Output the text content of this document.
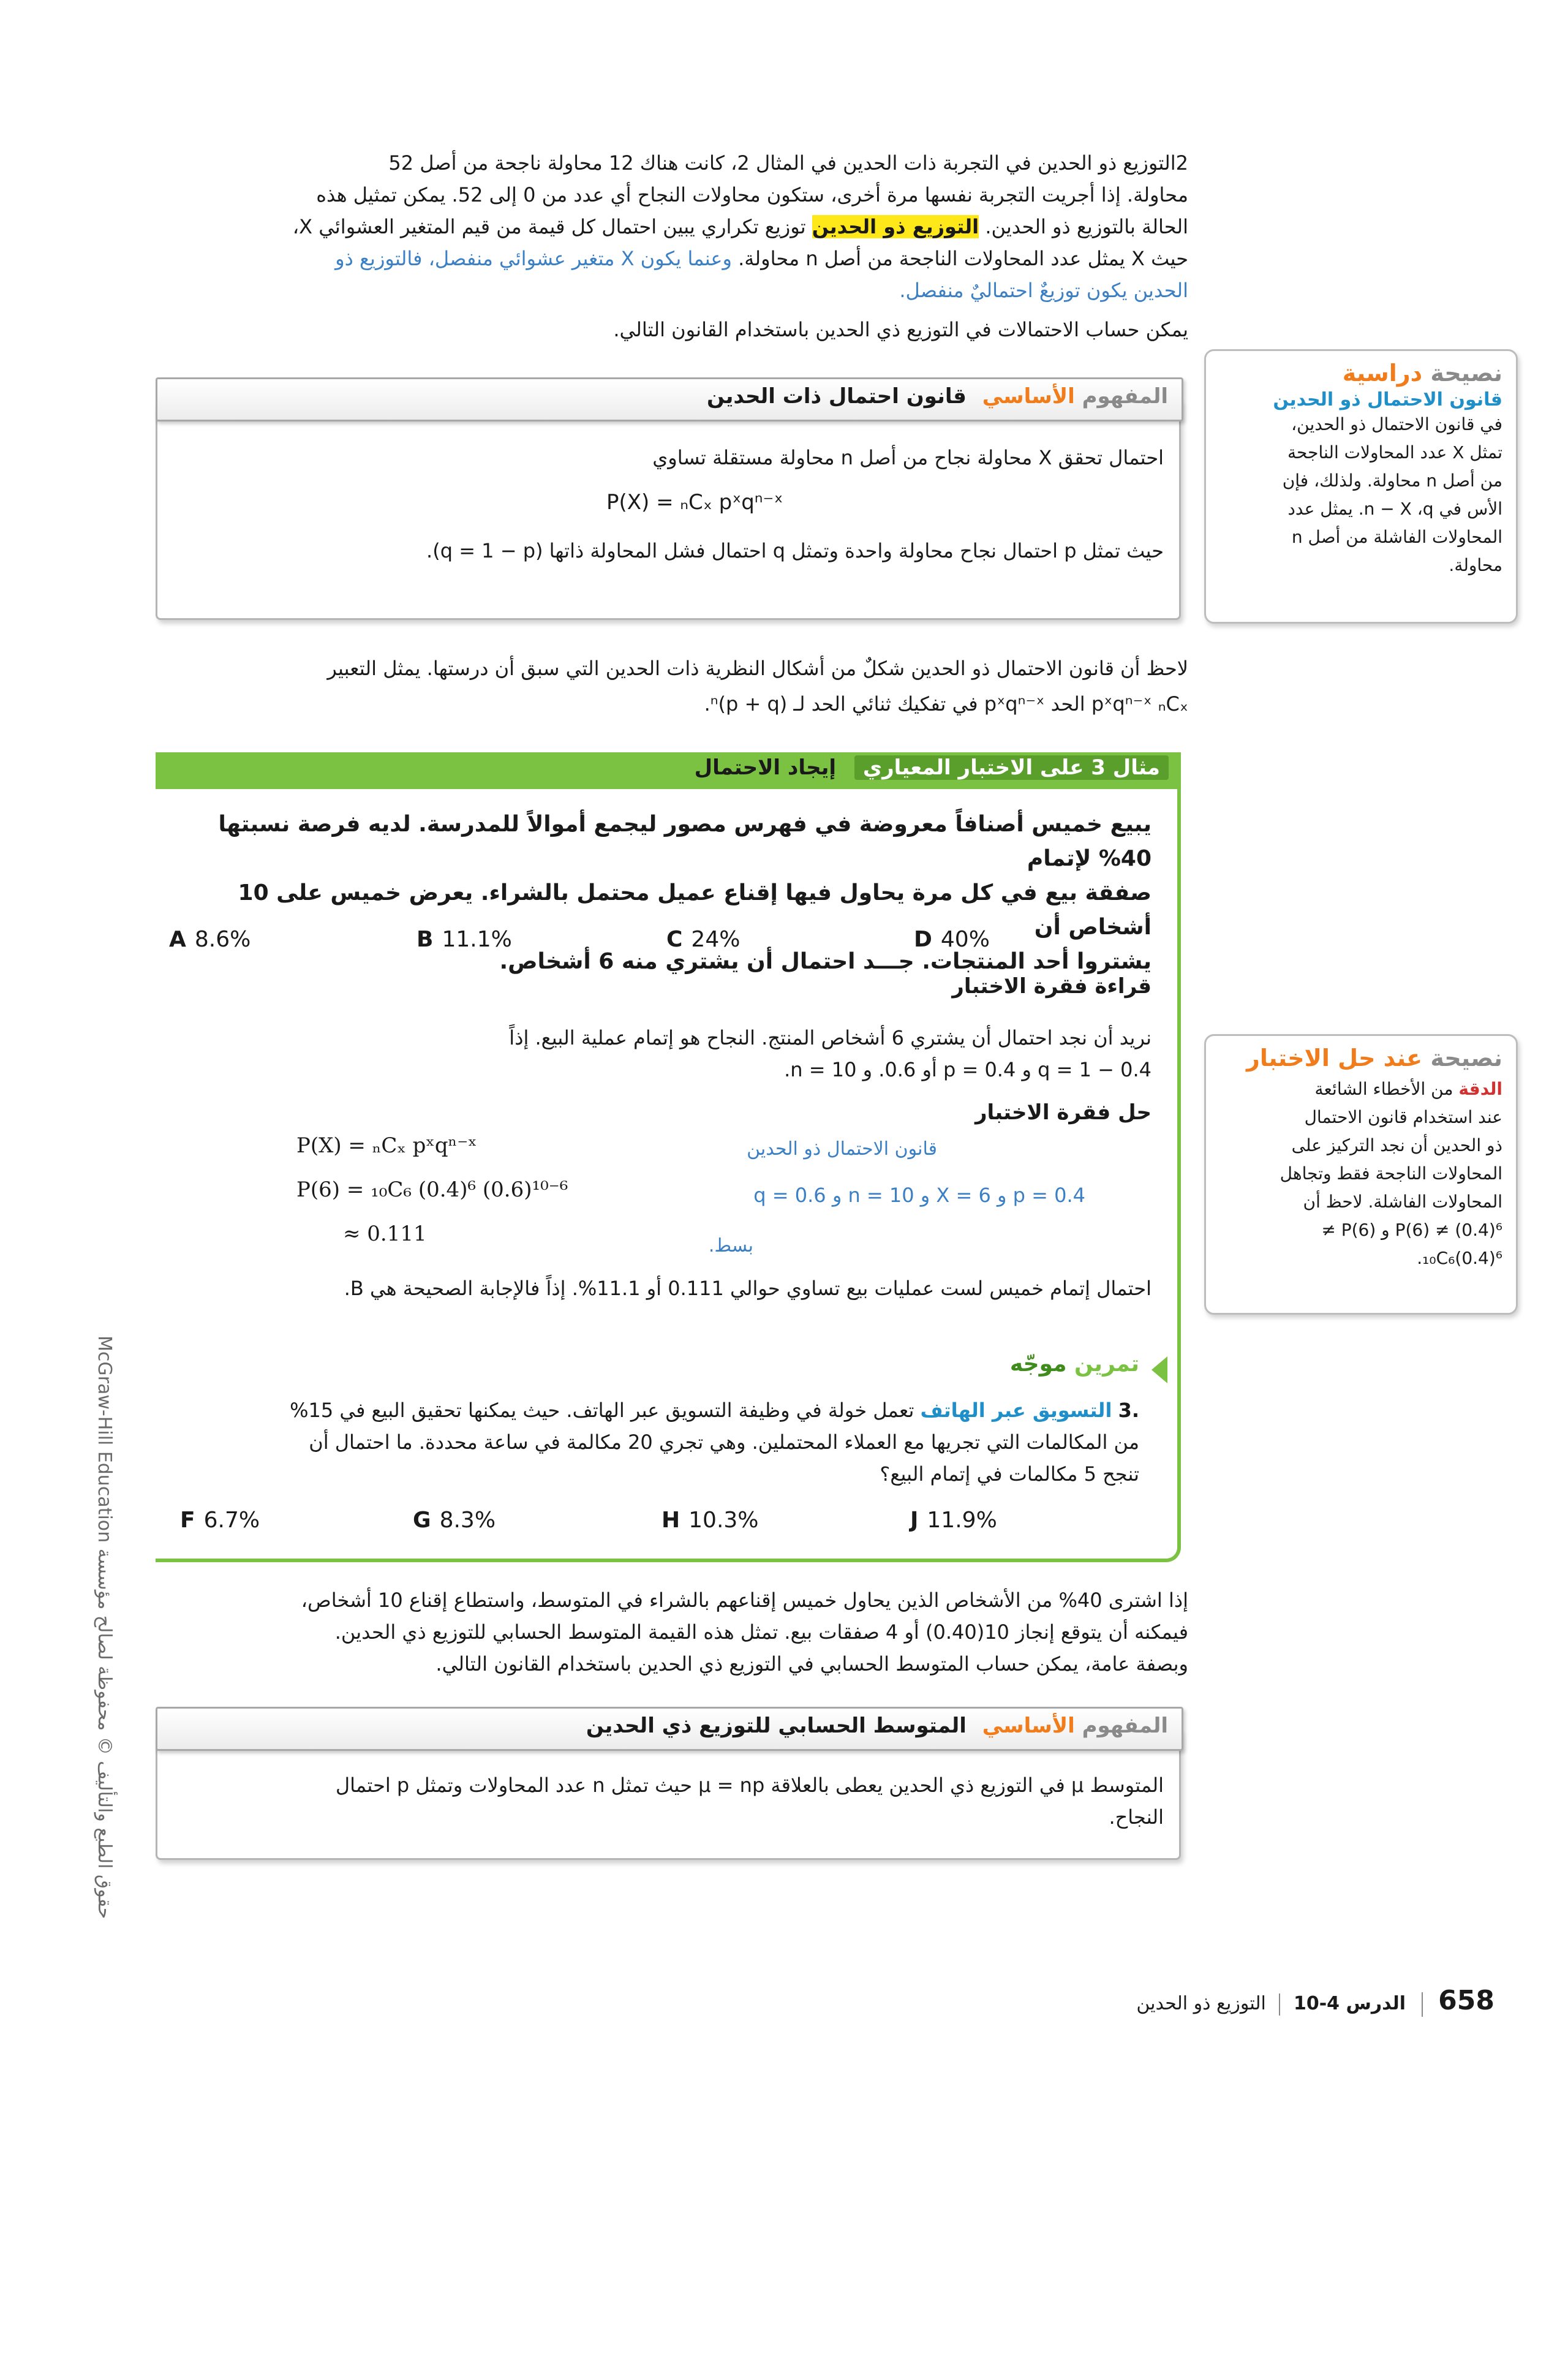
2التوزيع ذو الحدين في التجربة ذات الحدين في المثال 2، كانت هناك 12 محاولة ناجحة من أصل 52
محاولة. إذا أجريت التجربة نفسها مرة أخرى، ستكون محاولات النجاح أي عدد من 0 إلى 52. يمكن تمثيل هذه
الحالة بالتوزيع ذو الحدين. التوزيع ذو الحدين توزيع تكراري يبين احتمال كل قيمة من قيم المتغير العشوائي X،
حيث X يمثل عدد المحاولات الناجحة من أصل n محاولة. وعنما يكون X متغير عشوائي منفصل، فالتوزيع ذو
الحدين يكون توزيعٌ احتماليٌ منفصل.
يمكن حساب الاحتمالات في التوزيع ذي الحدين باستخدام القانون التالي.
المفهوم الأساسي قانون احتمال ذات الحدين
احتمال تحقق X محاولة نجاح من أصل n محاولة مستقلة تساوي
P(X) = ₙCₓ pˣqⁿ⁻ˣ
حيث تمثل p احتمال نجاح محاولة واحدة وتمثل q احتمال فشل المحاولة ذاتها (q = 1 − p).
نصيحة دراسية
قانون الاحتمال ذو الحدين
في قانون الاحتمال ذو الحدين،
تمثل X عدد المحاولات الناجحة
من أصل n محاولة. ولذلك، فإن
الأس في n − X ،q. يمثل عدد
المحاولات الفاشلة من أصل n
محاولة.
لاحظ أن قانون الاحتمال ذو الحدين شكلٌ من أشكال النظرية ذات الحدين التي سبق أن درستها. يمثل التعبير
pˣqⁿ⁻ˣ ₙCₓ الحد pˣqⁿ⁻ˣ في تفكيك ثنائي الحد لـ (p + q)ⁿ.
مثال 3 على الاختبار المعياري إيجاد الاحتمال
يبيع خميس أصنافاً معروضة في فهرس مصور ليجمع أموالاً للمدرسة. لديه فرصة نسبتها 40% لإتمام
صفقة بيع في كل مرة يحاول فيها إقناع عميل محتمل بالشراء. يعرض خميس على 10 أشخاص أن
يشتروا أحد المنتجات. جـــد احتمال أن يشتري منه 6 أشخاص.
A 8.6%	B 11.1%	C 24%	D 40%
قراءة فقرة الاختبار
نريد أن نجد احتمال أن يشتري 6 أشخاص المنتج. النجاح هو إتمام عملية البيع. إذاً
q = 1 − 0.4 و p = 0.4 أو 0.6. و n = 10.
حل فقرة الاختبار
P(X) = ₙCₓ pˣqⁿ⁻ˣ
P(6) = ₁₀C₆ (0.4)⁶ (0.6)¹⁰⁻⁶
≈ 0.111
قانون الاحتمال ذو الحدين
p = 0.4 و X = 6 و n = 10 و q = 0.6
بسط.
احتمال إتمام خميس لست عمليات بيع تساوي حوالي 0.111 أو 11.1%. إذاً فالإجابة الصحيحة هي B.
تمرين موجّه
.3 التسويق عبر الهاتف تعمل خولة في وظيفة التسويق عبر الهاتف. حيث يمكنها تحقيق البيع في 15%
من المكالمات التي تجريها مع العملاء المحتملين. وهي تجري 20 مكالمة في ساعة محددة. ما احتمال أن
تنجح 5 مكالمات في إتمام البيع؟
F 6.7%	G 8.3%	H 10.3%	J 11.9%
نصيحة عند حل الاختبار
الدقة من الأخطاء الشائعة
عند استخدام قانون الاحتمال
ذو الحدين أن نجد التركيز على
المحاولات الناجحة فقط وتجاهل
المحاولات الفاشلة. لاحظ أن
P(6) ≠ (0.4)⁶ و P(6) ≠
₁₀C₆(0.4)⁶.
إذا اشترى 40% من الأشخاص الذين يحاول خميس إقناعهم بالشراء في المتوسط، واستطاع إقناع 10 أشخاص،
فيمكنه أن يتوقع إنجاز 10(0.40) أو 4 صفقات بيع. تمثل هذه القيمة المتوسط الحسابي للتوزيع ذي الحدين.
وبصفة عامة، يمكن حساب المتوسط الحسابي في التوزيع ذي الحدين باستخدام القانون التالي.
المفهوم الأساسي المتوسط الحسابي للتوزيع ذي الحدين
المتوسط μ في التوزيع ذي الحدين يعطى بالعلاقة μ = np حيث تمثل n عدد المحاولات وتمثل p احتمال
النجاح.
حقوق الطبع والتأليف © محفوظة لصالح مؤسسة McGraw-Hill Education
658  الدرس 4-10  التوزيع ذو الحدين
